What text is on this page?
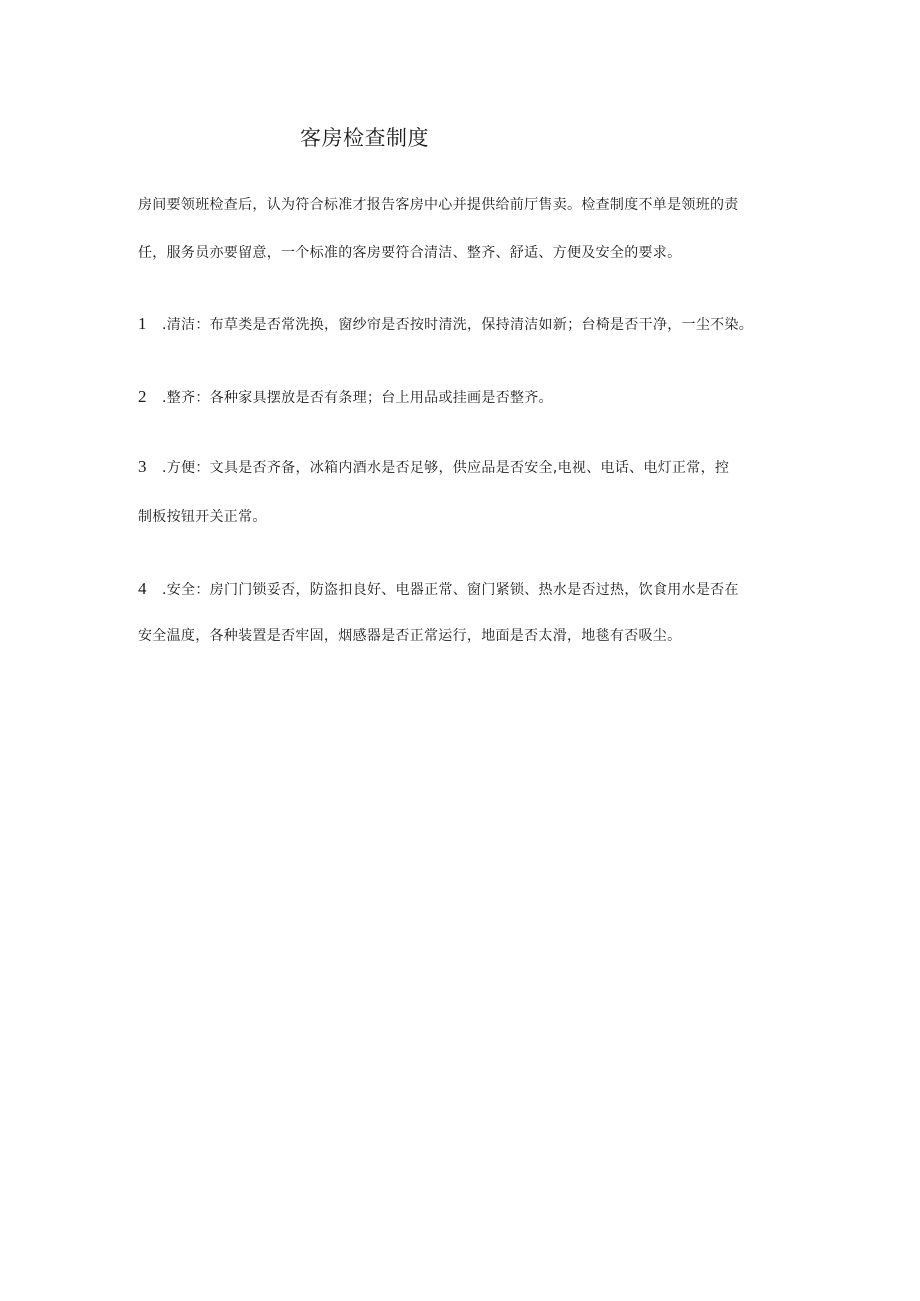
客房检查制度
房间要领班检查后，认为符合标准才报告客房中心并提供给前厅售卖。检查制度不单是领班的责
任，服务员亦要留意，一个标准的客房要符合清洁、整齐、舒适、方便及安全的要求。
1 .清洁：布草类是否常洗换，窗纱帘是否按时清洗，保持清洁如新；台椅是否干净，一尘不染。
2 .整齐：各种家具摆放是否有条理；台上用品或挂画是否整齐。
3 .方便：文具是否齐备，冰箱内酒水是否足够，供应品是否安全,电视、电话、电灯正常，控
制板按钮开关正常。
4 .安全：房门门锁妥否，防盗扣良好、电器正常、窗门紧锁、热水是否过热，饮食用水是否在
安全温度，各种装置是否牢固，烟感器是否正常运行，地面是否太滑，地毯有否吸尘。
